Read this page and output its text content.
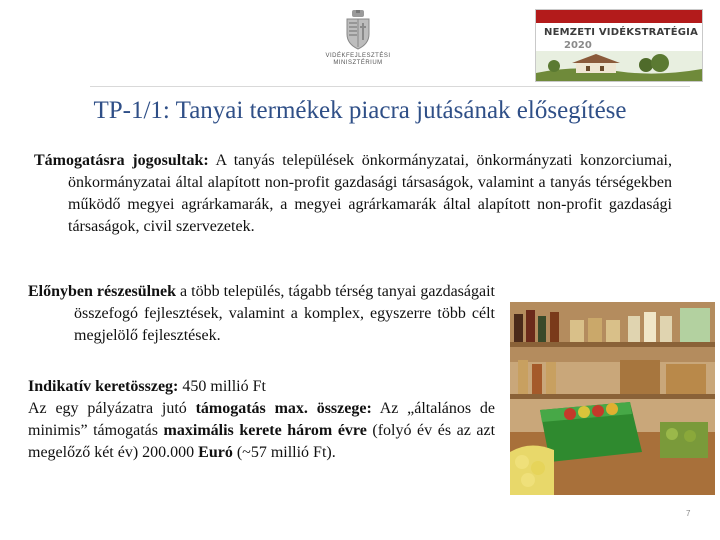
VIDÉKFEJLESZTÉSI
MINISZTÉRIUM
NEMZETI VIDÉKSTRATÉGIA
2020
TP-1/1: Tanyai termékek piacra jutásának elősegítése
Támogatásra jogosultak: A tanyás települések önkormányzatai, önkormányzati konzorciumai, önkormányzatai által alapított non-profit gazdasági társaságok, valamint a tanyás térségekben működő megyei agrárkamarák, a megyei agrárkamarák által alapított non-profit gazdasági társaságok, civil szervezetek.
Előnyben részesülnek a több település, tágabb térség tanyai gazdaságait összefogó fejlesztések, valamint a komplex, egyszerre több célt megjelölő fejlesztések.
Indikatív keretösszeg: 450 millió Ft
Az egy pályázatra jutó támogatás max. összege: Az „általános de minimis” támogatás maximális kerete három évre (folyó év és az azt megelőző két év) 200.000 Euró (~57 millió Ft).
7
